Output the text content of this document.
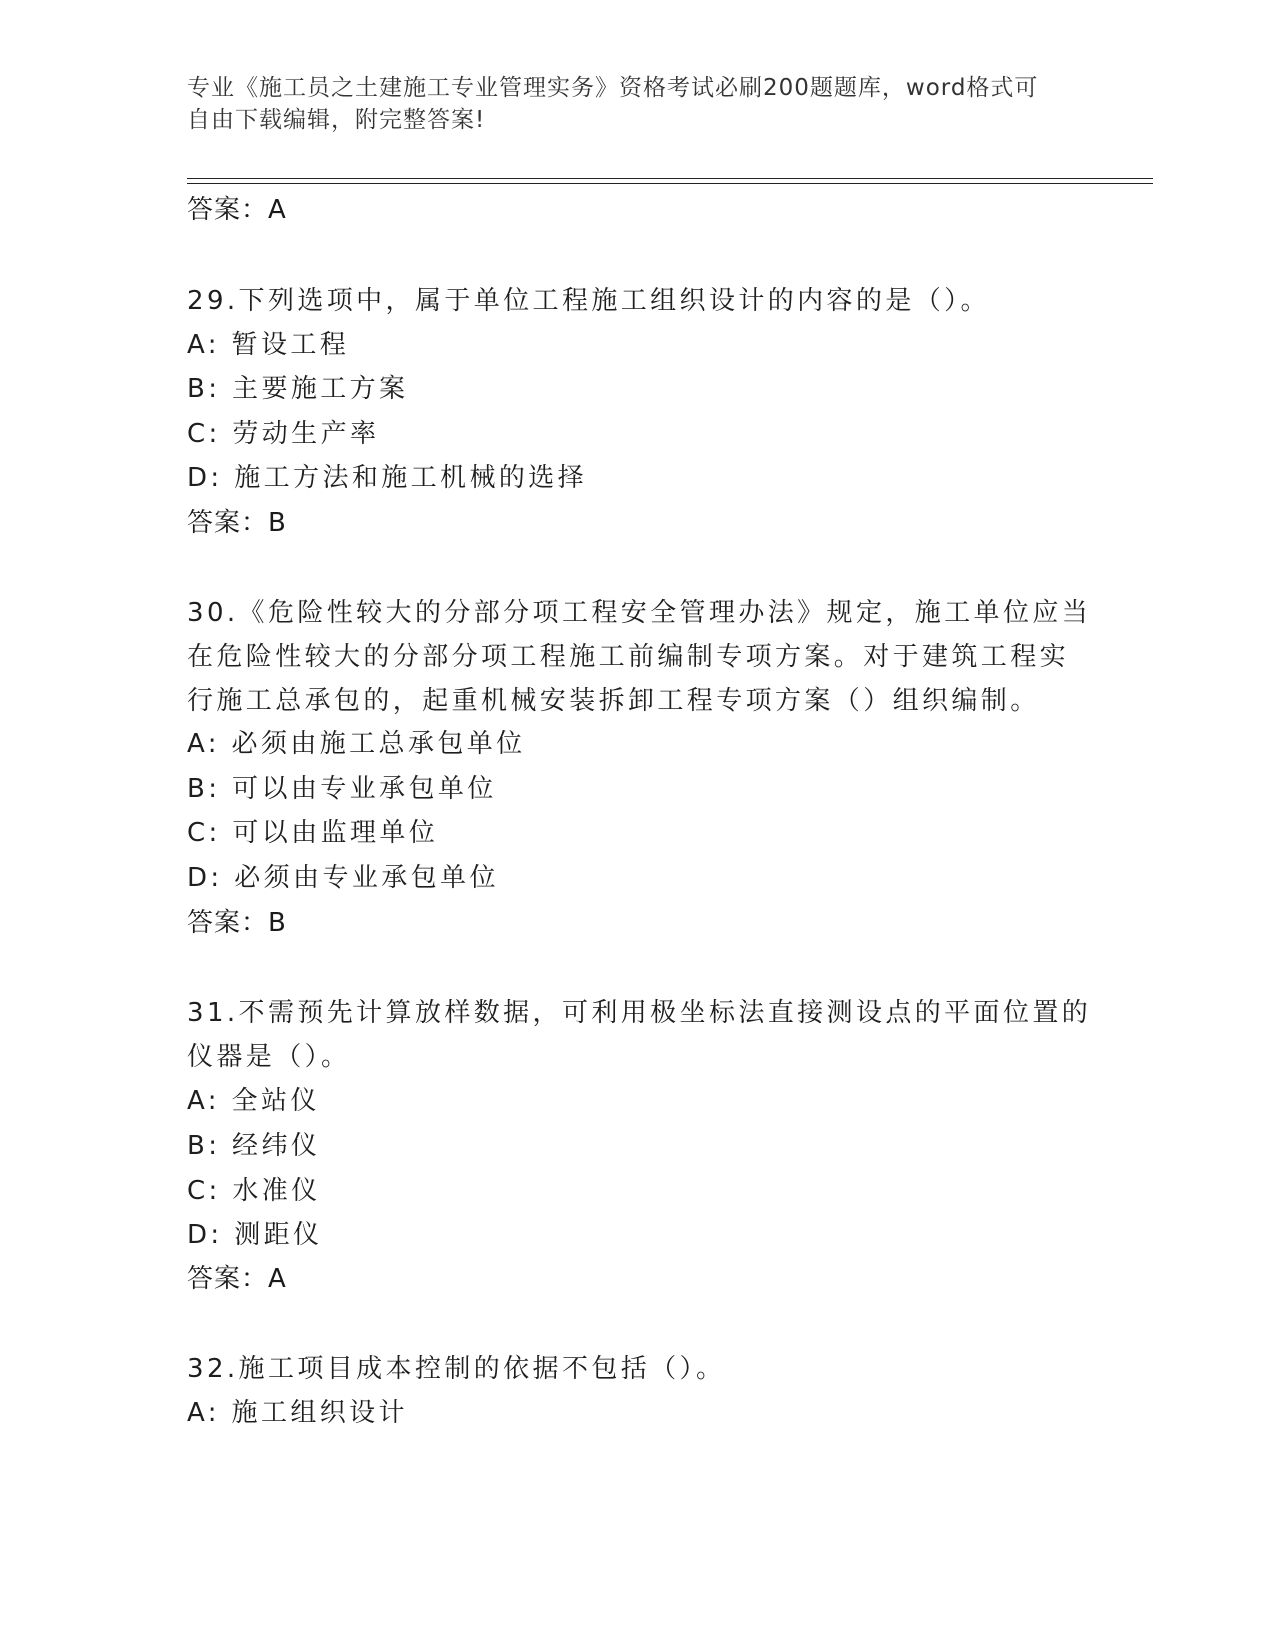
专业《施工员之土建施工专业管理实务》资格考试必刷200题题库，word格式可
自由下载编辑，附完整答案!

答案：A

29.下列选项中，属于单位工程施工组织设计的内容的是（）。

A: 暂设工程

B: 主要施工方案

C: 劳动生产率

D: 施工方法和施工机械的选择

答案：B

30.《危险性较大的分部分项工程安全管理办法》规定，施工单位应当

在危险性较大的分部分项工程施工前编制专项方案。对于建筑工程实

行施工总承包的，起重机械安装拆卸工程专项方案（）组织编制。

A: 必须由施工总承包单位

B: 可以由专业承包单位

C: 可以由监理单位

D: 必须由专业承包单位

答案：B

31.不需预先计算放样数据，可利用极坐标法直接测设点的平面位置的

仪器是（）。

A: 全站仪

B: 经纬仪

C: 水准仪

D: 测距仪

答案：A

32.施工项目成本控制的依据不包括（）。

A: 施工组织设计
